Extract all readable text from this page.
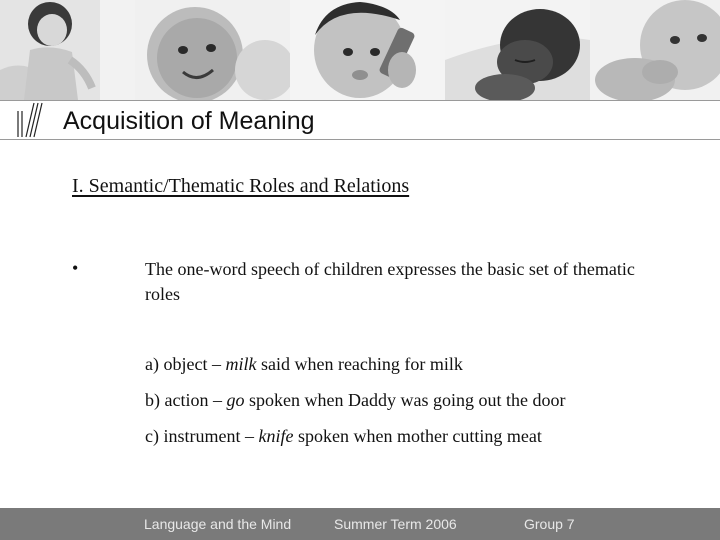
Acquisition of Meaning
I. Semantic/Thematic Roles and Relations
•	The one-word speech of children expresses the basic set of thematic roles
a) object – milk said when reaching for milk
b) action – go spoken when Daddy was going out the door
c) instrument – knife spoken when mother cutting meat
Language and the Mind	Summer Term 2006	Group 7
